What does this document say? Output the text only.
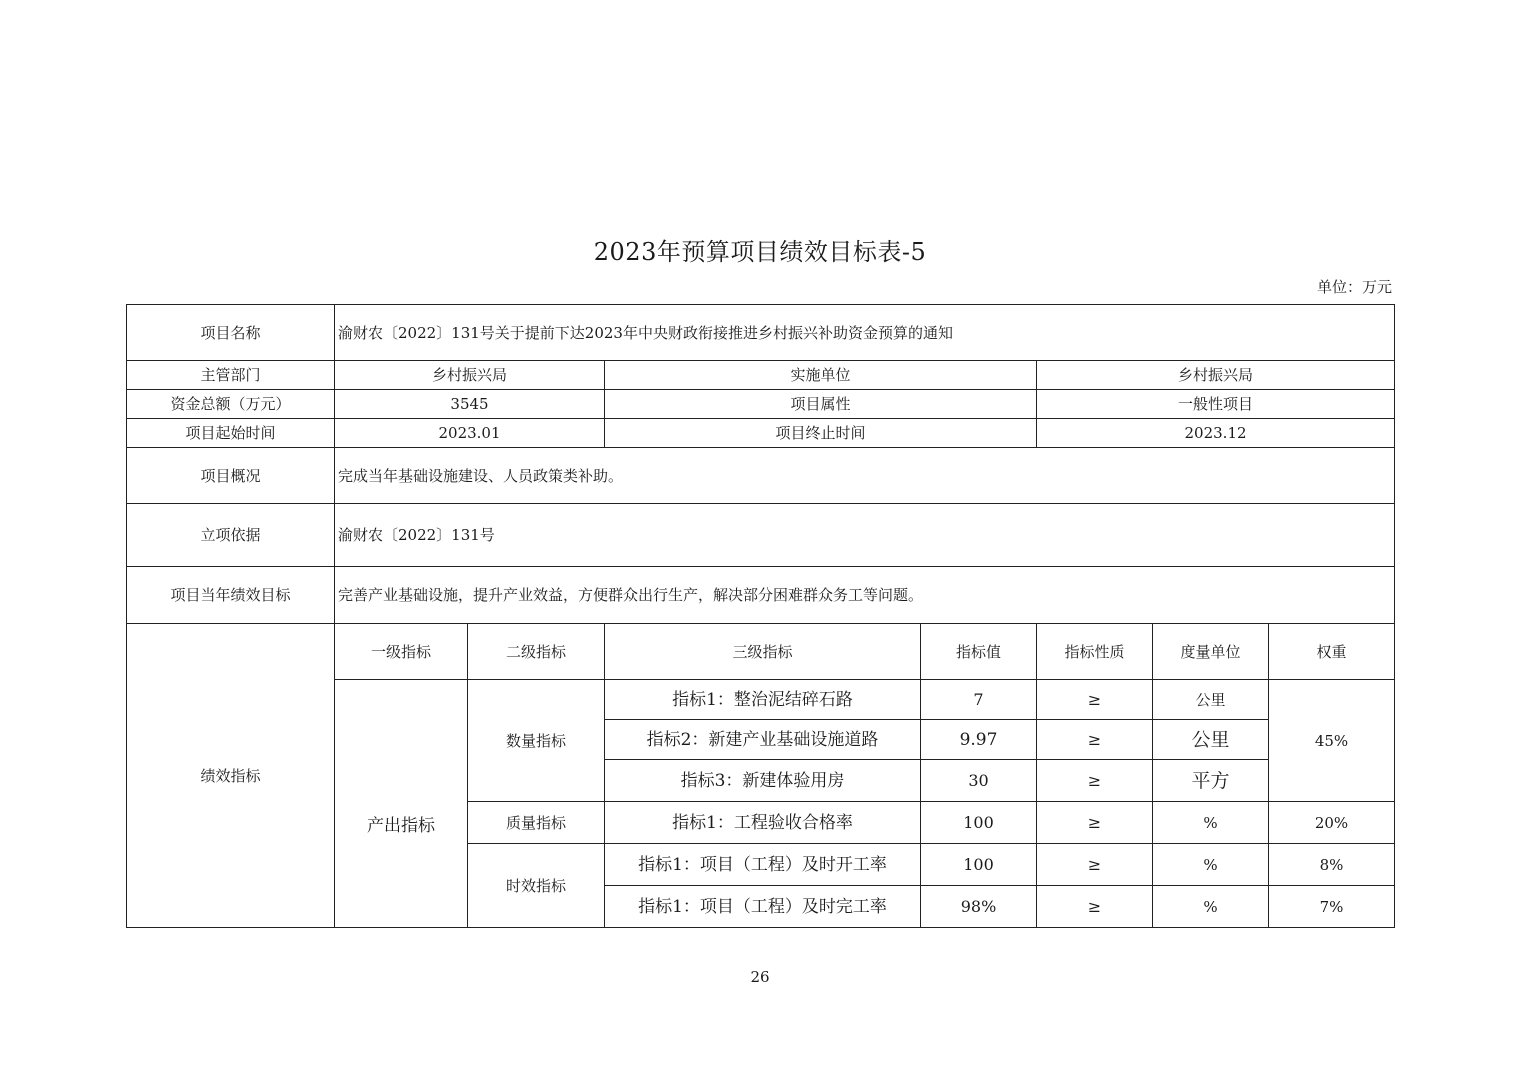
2023年预算项目绩效目标表-5
单位：万元
项目名称	渝财农〔2022〕131号关于提前下达2023年中央财政衔接推进乡村振兴补助资金预算的通知						
主管部门	乡村振兴局		实施单位		乡村振兴局		
资金总额（万元）	3545		项目属性		一般性项目		
项目起始时间	2023.01		项目终止时间		2023.12		
项目概况	完成当年基础设施建设、人员政策类补助。						
立项依据	渝财农〔2022〕131号						
项目当年绩效目标	完善产业基础设施，提升产业效益，方便群众出行生产，解决部分困难群众务工等问题。						
绩效指标	一级指标	二级指标	三级指标	指标值	指标性质	度量单位	权重
	产出指标	数量指标	指标1：整治泥结碎石路	7	≥	公里	45%
			指标2：新建产业基础设施道路	9.97	≥	公里	
			指标3：新建体验用房	30	≥	平方	
		质量指标	指标1：工程验收合格率	100	≥	%	20%
		时效指标	指标1：项目（工程）及时开工率	100	≥	%	8%
			指标1：项目（工程）及时完工率	98%	≥	%	7%
26
